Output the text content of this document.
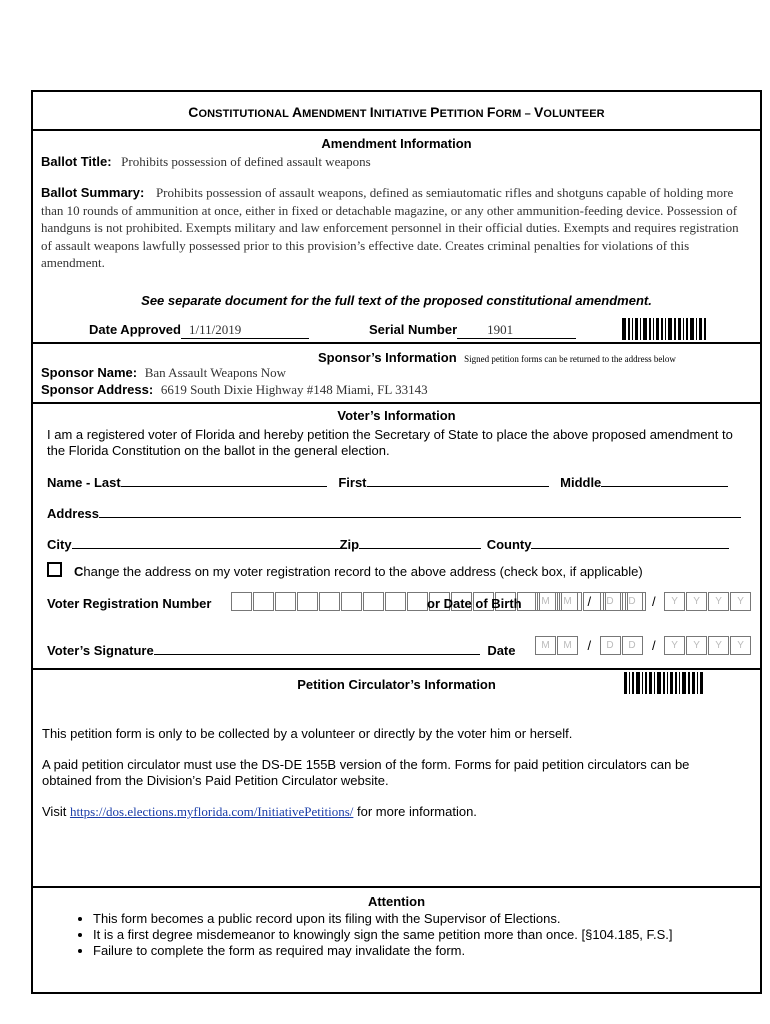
CONSTITUTIONAL AMENDMENT INITIATIVE PETITION FORM – VOLUNTEER
Amendment Information
Ballot Title: Prohibits possession of defined assault weapons
Ballot Summary: Prohibits possession of assault weapons, defined as semiautomatic rifles and shotguns capable of holding more than 10 rounds of ammunition at once, either in fixed or detachable magazine, or any other ammunition-feeding device. Possession of handguns is not prohibited. Exempts military and law enforcement personnel in their official duties. Exempts and requires registration of assault weapons lawfully possessed prior to this provision’s effective date. Creates criminal penalties for violations of this amendment.
See separate document for the full text of the proposed constitutional amendment.
Date Approved 1/11/2019	Serial Number 1901
Sponsor’s Information Signed petition forms can be returned to the address below
Sponsor Name: Ban Assault Weapons Now
Sponsor Address: 6619 South Dixie Highway #148 Miami, FL 33143
Voter’s Information
I am a registered voter of Florida and hereby petition the Secretary of State to place the above proposed amendment to the Florida Constitution on the ballot in the general election.
Name - Last	First	Middle
Address
City	Zip	County
Change the address on my voter registration record to the above address (check box, if applicable)
Voter Registration Number	or Date of Birth	M M / D D / Y Y Y Y
Voter’s Signature	Date	M M / D D / Y Y Y Y
Petition Circulator’s Information
This petition form is only to be collected by a volunteer or directly by the voter him or herself.
A paid petition circulator must use the DS-DE 155B version of the form. Forms for paid petition circulators can be obtained from the Division’s Paid Petition Circulator website.
Visit https://dos.elections.myflorida.com/InitiativePetitions/ for more information.
Attention
• This form becomes a public record upon its filing with the Supervisor of Elections.
• It is a first degree misdemeanor to knowingly sign the same petition more than once. [§104.185, F.S.]
• Failure to complete the form as required may invalidate the form.
